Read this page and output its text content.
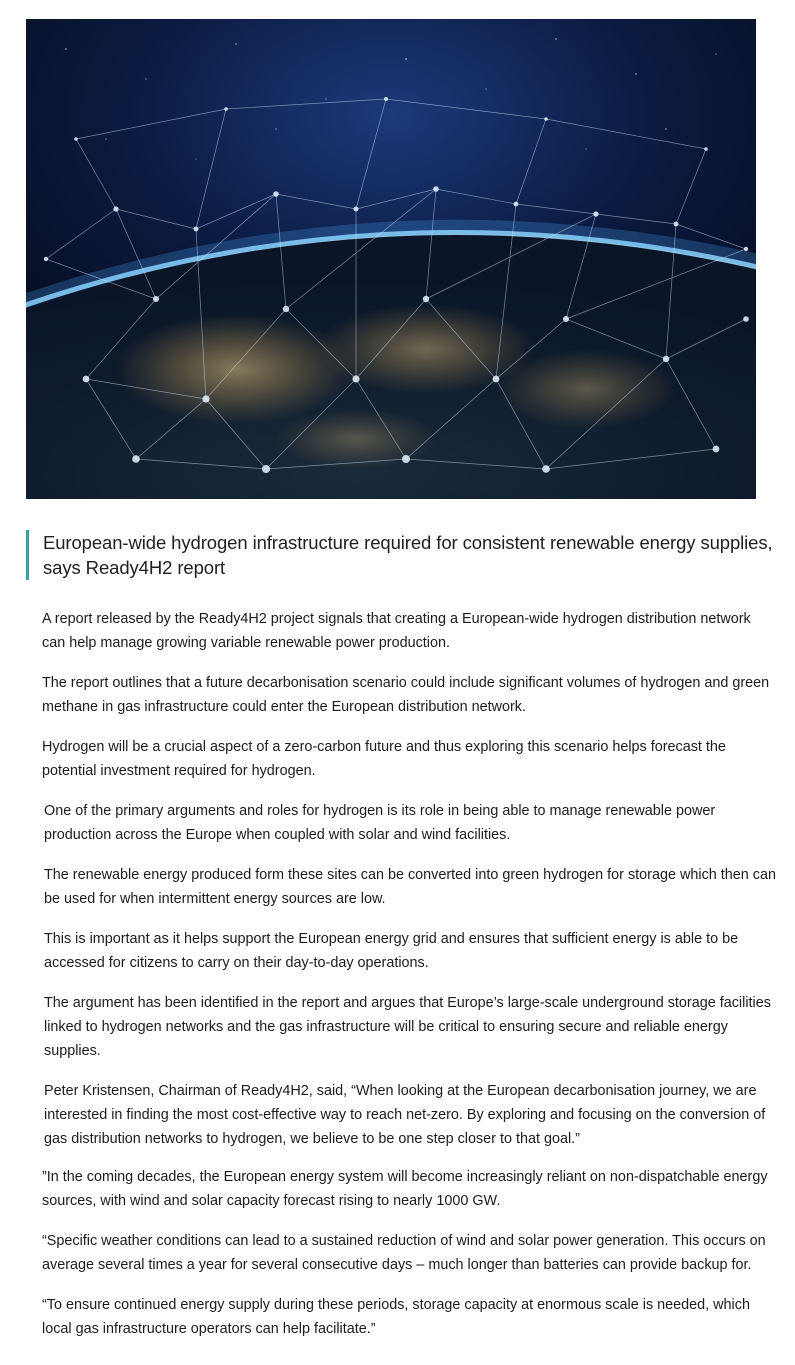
European-wide hydrogen infrastructure required for consistent renewable energy supplies, says Ready4H2 report

A report released by the Ready4H2 project signals that creating a European-wide hydrogen distribution network can help manage growing variable renewable power production.

The report outlines that a future decarbonisation scenario could include significant volumes of hydrogen and green methane in gas infrastructure could enter the European distribution network.

Hydrogen will be a crucial aspect of a zero-carbon future and thus exploring this scenario helps forecast the potential investment required for hydrogen.

One of the primary arguments and roles for hydrogen is its role in being able to manage renewable power production across the Europe when coupled with solar and wind facilities.

The renewable energy produced form these sites can be converted into green hydrogen for storage which then can be used for when intermittent energy sources are low.

This is important as it helps support the European energy grid and ensures that sufficient energy is able to be accessed for citizens to carry on their day-to-day operations.

The argument has been identified in the report and argues that Europe’s large-scale underground storage facilities linked to hydrogen networks and the gas infrastructure will be critical to ensuring secure and reliable energy supplies.

Peter Kristensen, Chairman of Ready4H2, said, “When looking at the European decarbonisation journey, we are interested in finding the most cost-effective way to reach net-zero. By exploring and focusing on the conversion of gas distribution networks to hydrogen, we believe to be one step closer to that goal.”

”In the coming decades, the European energy system will become increasingly reliant on non-dispatchable energy sources, with wind and solar capacity forecast rising to nearly 1000 GW.

“Specific weather conditions can lead to a sustained reduction of wind and solar power generation. This occurs on average several times a year for several consecutive days – much longer than batteries can provide backup for.

“To ensure continued energy supply during these periods, storage capacity at enormous scale is needed, which local gas infrastructure operators can help facilitate.”
